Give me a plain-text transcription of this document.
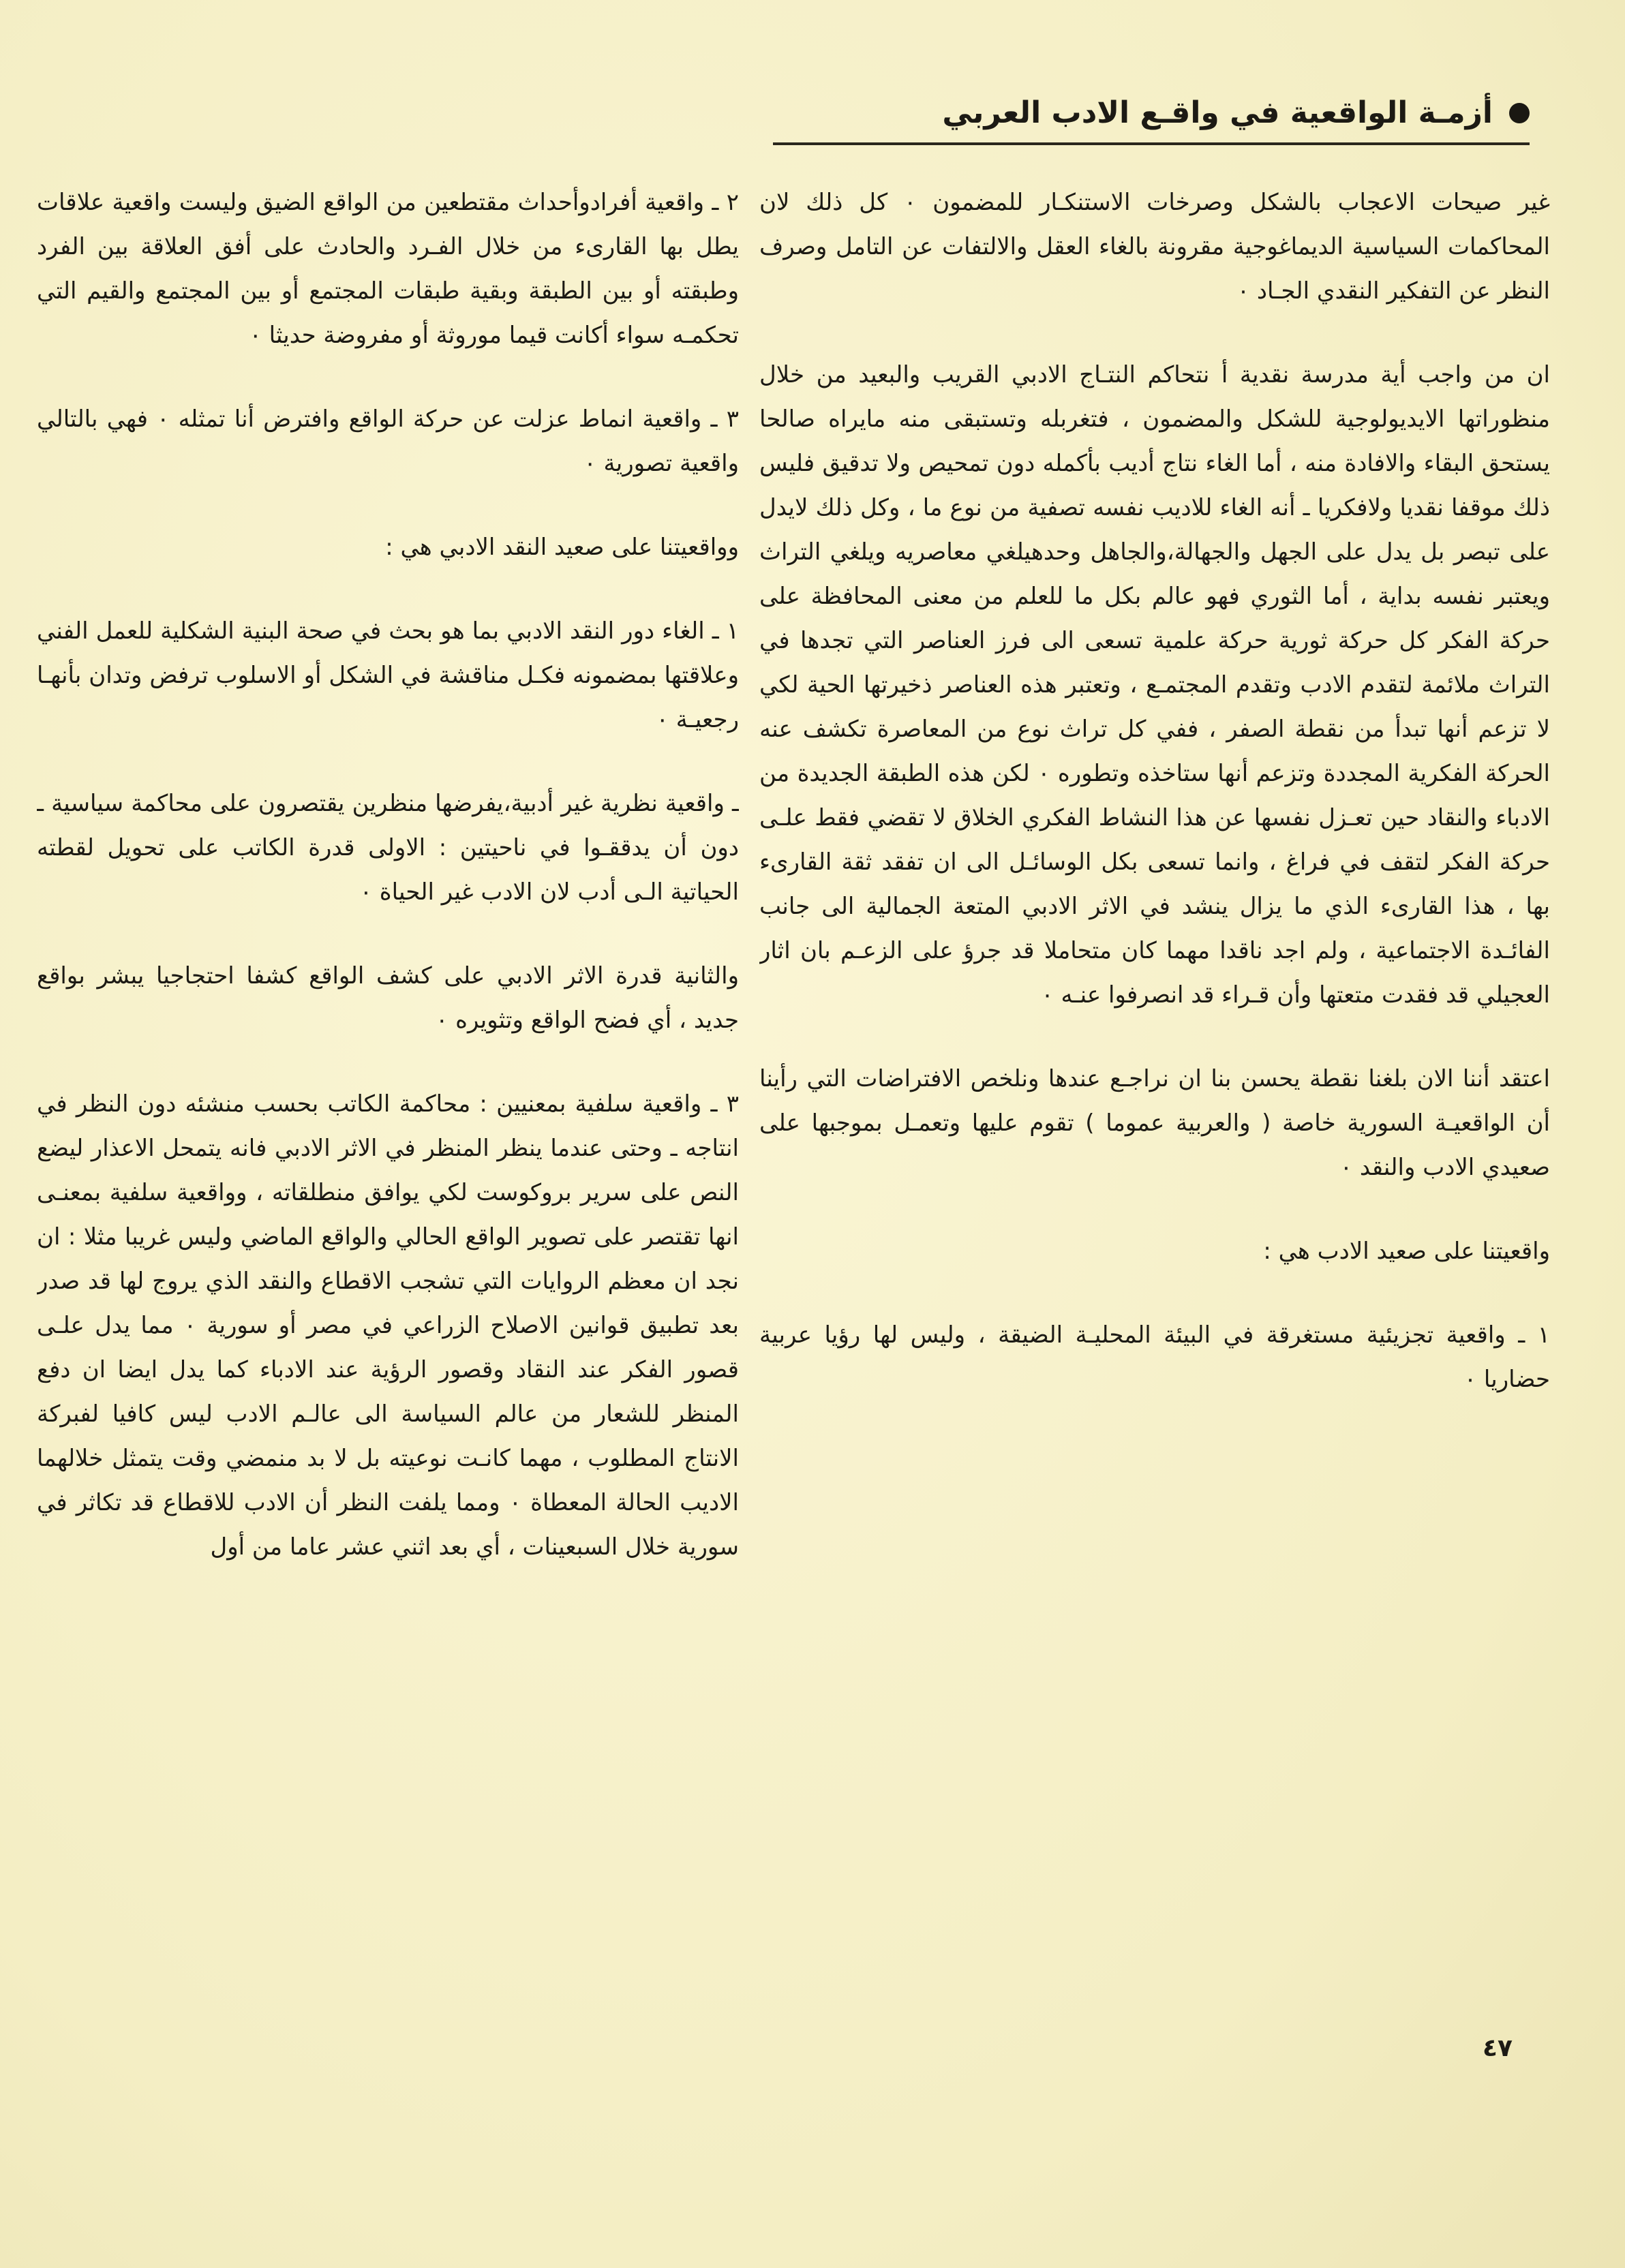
أزمـة الواقعية في واقـع الادب العربي

غير صيحات الاعجاب بالشكل وصرخات الاستنكـار للمضمون ٠ كل ذلك لان المحاكمات السياسية الديماغوجية مقرونة بالغاء العقل والالتفات عن التامل وصرف النظر عن التفكير النقدي الجـاد ٠

ان من واجب أية مدرسة نقدية أ نتحاكم النتـاج الادبي القريب والبعيد من خلال منظوراتها الايديولوجية للشكل والمضمون ، فتغربله وتستبقى منه مايراه صالحا يستحق البقاء والافادة منه ، أما الغاء نتاج أديب بأكمله دون تمحيص ولا تدقيق فليس ذلك موقفا نقديا ولافكريا ـ أنه الغاء للاديب نفسه تصفية من نوع ما ، وكل ذلك لايدل على تبصر بل يدل على الجهل والجهالة،والجاهل وحدهيلغي معاصريه ويلغي التراث ويعتبر نفسه بداية ، أما الثوري فهو عالم بكل ما للعلم من معنى المحافظة على حركة الفكر كل حركة ثورية حركة علمية تسعى الى فرز العناصر التي تجدها في التراث ملائمة لتقدم الادب وتقدم المجتمـع ، وتعتبر هذه العناصر ذخيرتها الحية لكي لا تزعم أنها تبدأ من نقطة الصفر ، ففي كل تراث نوع من المعاصرة تكشف عنه الحركة الفكرية المجددة وتزعم أنها ستاخذه وتطوره ٠ لكن هذه الطبقة الجديدة من الادباء والنقاد حين تعـزل نفسها عن هذا النشاط الفكري الخلاق لا تقضي فقط علـى حركة الفكر لتقف في فراغ ، وانما تسعى بكل الوسائـل الى ان تفقد ثقة القارىء بها ، هذا القارىء الذي ما يزال ينشد في الاثر الادبي المتعة الجمالية الى جانب الفائـدة الاجتماعية ، ولم اجد ناقدا مهما كان متحاملا قد جرؤ على الزعـم بان اثار العجيلي قد فقدت متعتها وأن قـراء قد انصرفوا عنـه ٠

اعتقد أننا الان بلغنا نقطة يحسن بنا ان نراجـع عندها ونلخص الافتراضات التي رأينا أن الواقعيـة السورية خاصة ( والعربية عموما ) تقوم عليها وتعمـل بموجبها على صعيدي الادب والنقد ٠

واقعيتنا على صعيد الادب هي :

١ ـ واقعية تجزيئية مستغرقة في البيئة المحليـة الضيقة ، وليس لها رؤيا عربية حضاريا ٠

٢ ـ واقعية أفرادوأحداث مقتطعين من الواقع الضيق وليست واقعية علاقات يطل بها القارىء من خلال الفـرد والحادث على أفق العلاقة بين الفرد وطبقته أو بين الطبقة وبقية طبقات المجتمع أو بين المجتمع والقيم التي تحكمـه سواء أكانت قيما موروثة أو مفروضة حديثا ٠

٣ ـ واقعية انماط عزلت عن حركة الواقع وافترض أنا تمثله ٠ فهي بالتالي واقعية تصورية ٠

وواقعيتنا على صعيد النقد الادبي هي :

١ ـ الغاء دور النقد الادبي بما هو بحث في صحة البنية الشكلية للعمل الفني وعلاقتها بمضمونه فكـل مناقشة في الشكل أو الاسلوب ترفض وتدان بأنهـا رجعيـة ٠

ـ واقعية نظرية غير أدبية،يفرضها منظرين يقتصرون على محاكمة سياسية ـ دون أن يدققـوا في ناحيتين : الاولى قدرة الكاتب على تحويل لقطته الحياتية الـى أدب لان الادب غير الحياة ٠

والثانية قدرة الاثر الادبي على كشف الواقع كشفا احتجاجيا يبشر بواقع جديد ، أي فضح الواقع وتثويره ٠

٣ ـ واقعية سلفية بمعنيين : محاكمة الكاتب بحسب منشئه دون النظر في انتاجه ـ وحتى عندما ينظر المنظر في الاثر الادبي فانه يتمحل الاعذار ليضع النص على سرير بروكوست لكي يوافق منطلقاته ، وواقعية سلفية بمعنـى انها تقتصر على تصوير الواقع الحالي والواقع الماضي وليس غريبا مثلا : ان نجد ان معظم الروايات التي تشجب الاقطاع والنقد الذي يروج لها قد صدر بعد تطبيق قوانين الاصلاح الزراعي في مصر أو سورية ٠ مما يدل علـى قصور الفكر عند النقاد وقصور الرؤية عند الادباء كما يدل ايضا ان دفع المنظر للشعار من عالم السياسة الى عالـم الادب ليس كافيا لفبركة الانتاج المطلوب ، مهما كانـت نوعيته بل لا بد منمضي وقت يتمثل خلالهما الاديب الحالة المعطاة ٠ ومما يلفت النظر أن الادب للاقطاع قد تكاثر في سورية خلال السبعينات ، أي بعد اثني عشر عاما من أول

٤٧
